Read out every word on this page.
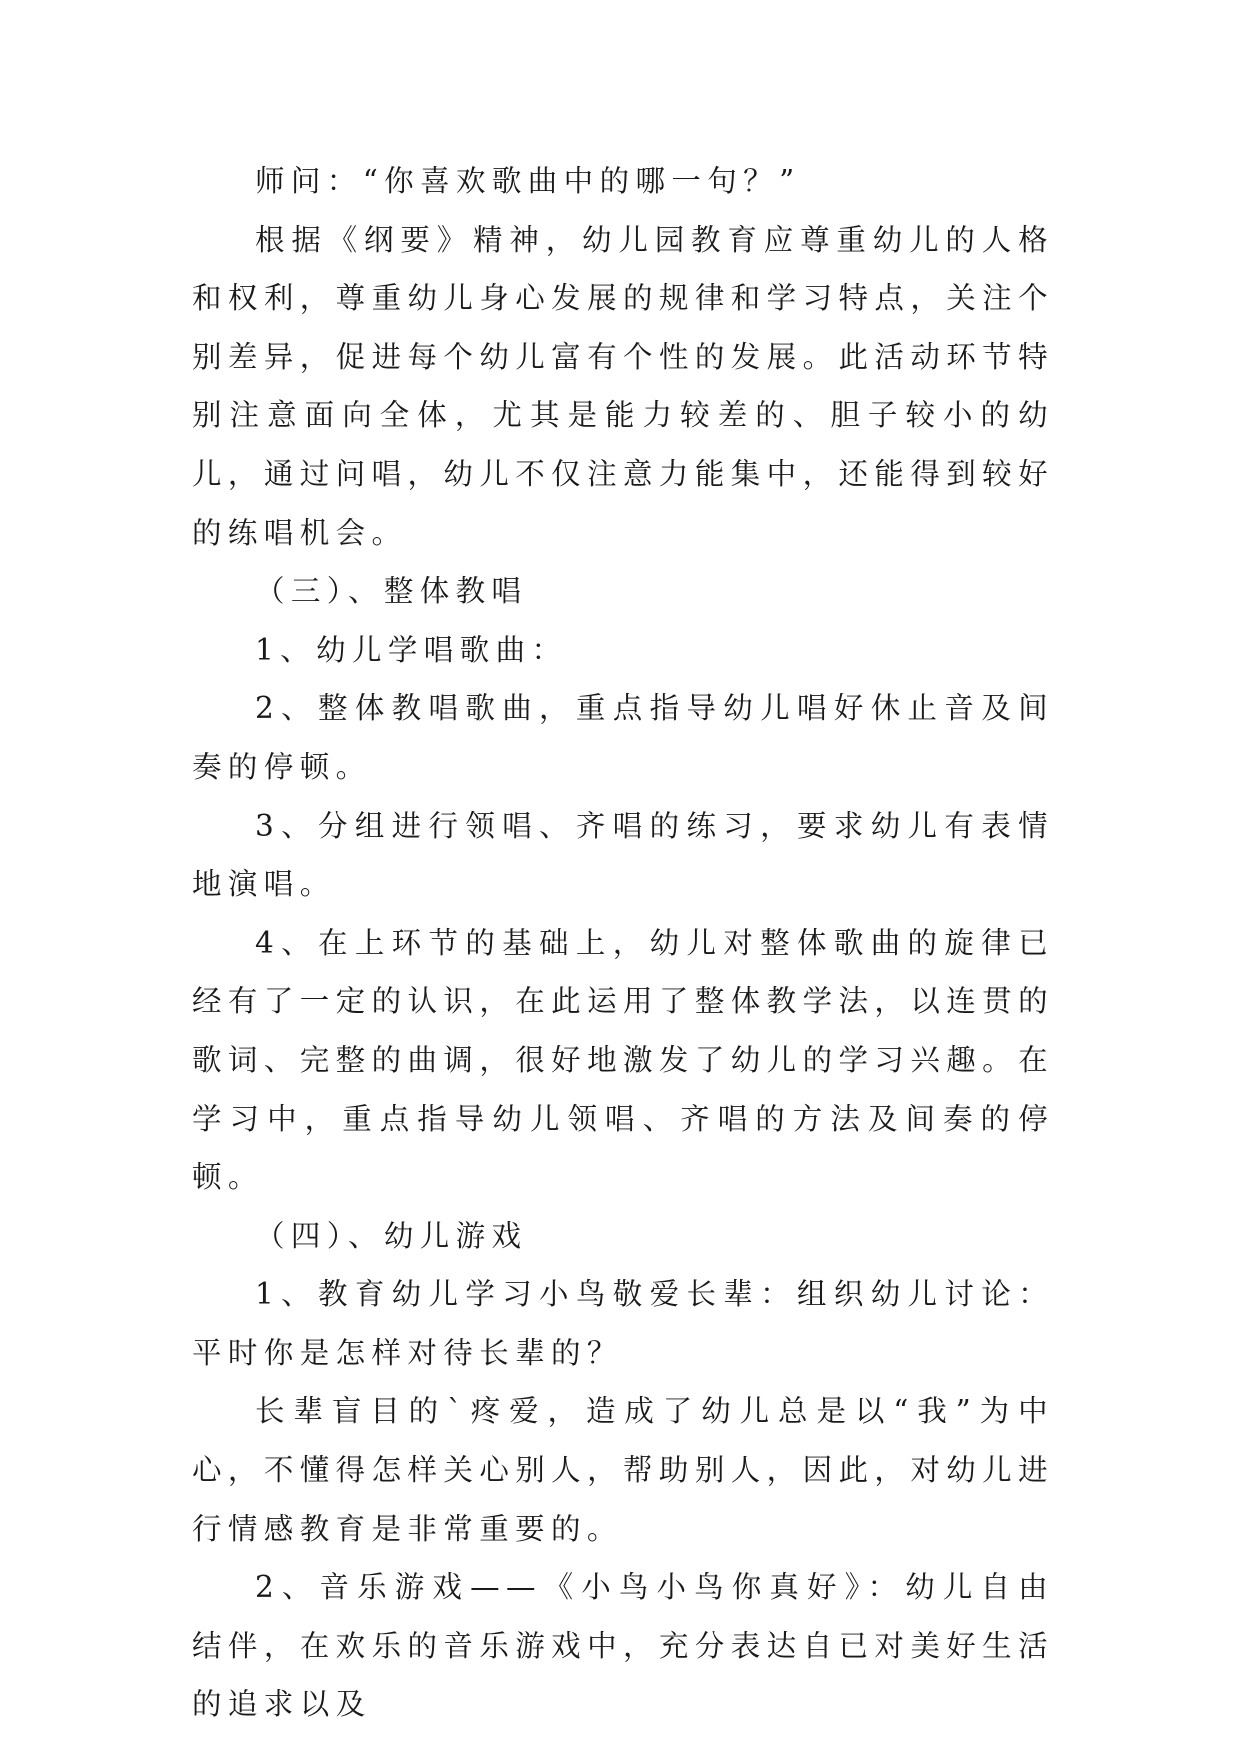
师问：“你喜欢歌曲中的哪一句？”

根据《纲要》精神，幼儿园教育应尊重幼儿的人格和权利，尊重幼儿身心发展的规律和学习特点，关注个别差异，促进每个幼儿富有个性的发展。此活动环节特别注意面向全体，尤其是能力较差的、胆子较小的幼儿，通过问唱，幼儿不仅注意力能集中，还能得到较好的练唱机会。

（三）、整体教唱

1、幼儿学唱歌曲：

2、整体教唱歌曲，重点指导幼儿唱好休止音及间奏的停顿。

3、分组进行领唱、齐唱的练习，要求幼儿有表情地演唱。

4、在上环节的基础上，幼儿对整体歌曲的旋律已经有了一定的认识，在此运用了整体教学法，以连贯的歌词、完整的曲调，很好地激发了幼儿的学习兴趣。在学习中，重点指导幼儿领唱、齐唱的方法及间奏的停顿。

（四）、幼儿游戏

1、教育幼儿学习小鸟敬爱长辈：组织幼儿讨论：平时你是怎样对待长辈的？

长辈盲目的`疼爱，造成了幼儿总是以“我”为中心，不懂得怎样关心别人，帮助别人，因此，对幼儿进行情感教育是非常重要的。

2、音乐游戏——《小鸟小鸟你真好》：幼儿自由结伴，在欢乐的音乐游戏中，充分表达自已对美好生活的追求以及
